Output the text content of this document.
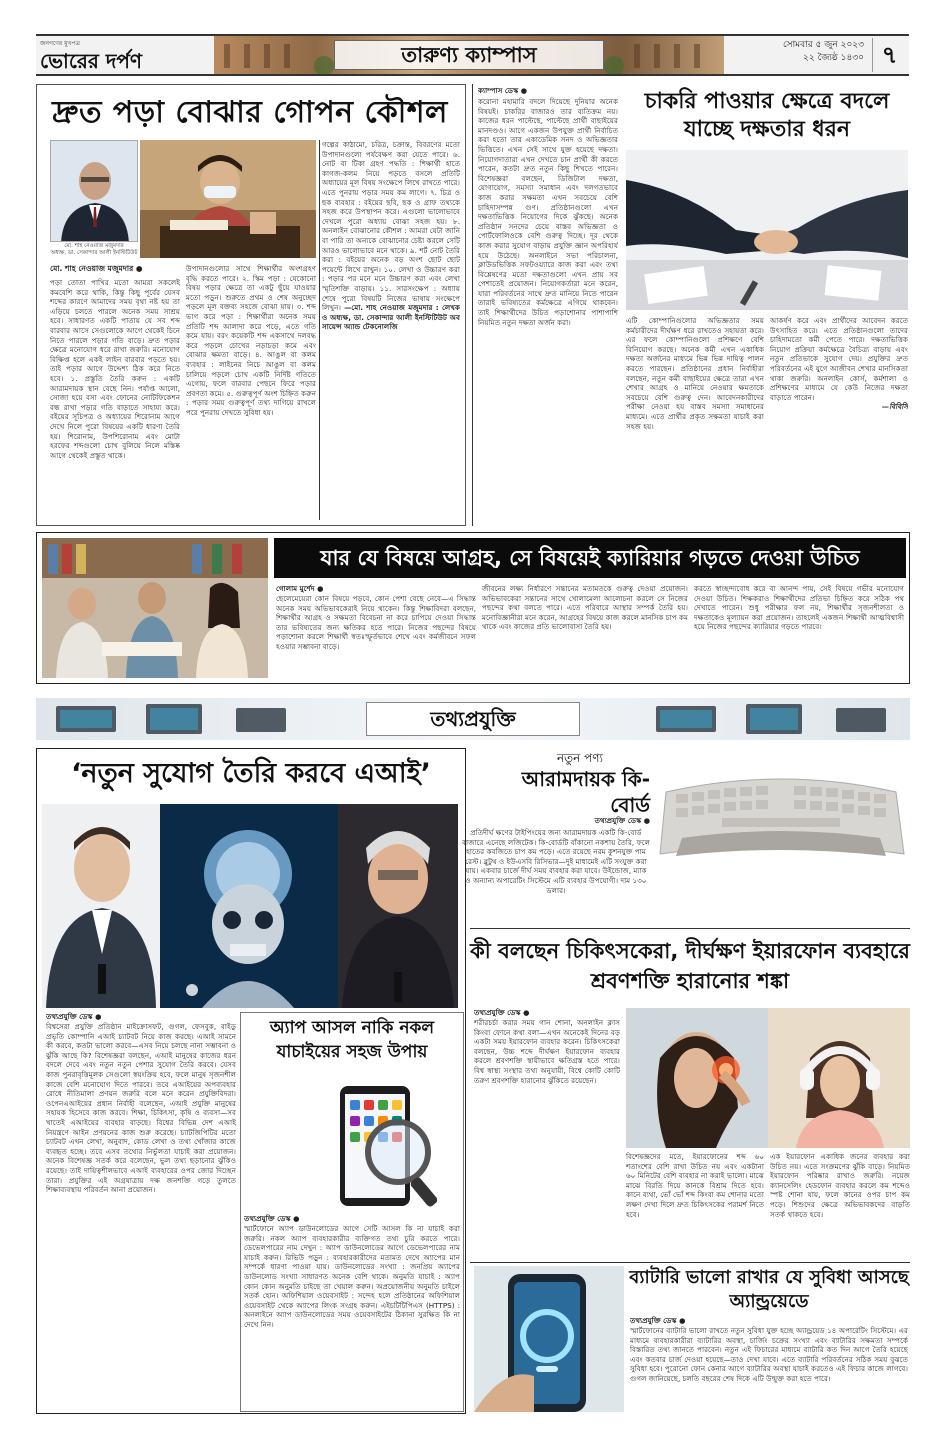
জনগণের মুখপত্র
ভোরের দর্পণ	তারুণ্য ক্যাম্পাস	সোমবার ৫ জুন ২০২৩
২২ জ্যৈষ্ঠ ১৪৩০ ৭
দ্রুত পড়া বোঝার গোপন কৌশল
মো. শাহ নেওয়াজ মজুমদার
অধ্যক্ষ, ডা. সেকান্দার আলী ইনস্টিটিউট
মো. শাহ নেওয়াজ মজুমদার ●
পড়া তোতা পাখির মতো আমরা সকলেই কমবেশি করে থাকি, কিন্তু কিছু পূর্বের যেসব শব্দের কারণে আমাদের সময় বৃথা নষ্ট হয় তা এড়িয়ে চলতে পারলে অনেক সময় সাশ্রয় হবে। সাধারণত একটি পাতায় যে সব শব্দ বারবার আসে সেগুলোকে আগে থেকেই চিনে নিতে পারলে পড়ার গতি বাড়ে। দ্রুত পড়ার ক্ষেত্রে মনোযোগ ধরে রাখা জরুরি। মনোযোগ বিক্ষিপ্ত হলে একই লাইন বারবার পড়তে হয়। তাই পড়ার আগে উদ্দেশ্য ঠিক করে নিতে হবে। ১. প্রস্তুতি তৈরি করুন : একটি আরামদায়ক স্থান বেছে নিন। পর্যাপ্ত আলো, সোজা হয়ে বসা এবং ফোনের নোটিফিকেশন বন্ধ রাখা পড়ার গতি বাড়াতে সাহায্য করে। বইয়ের সূচিপত্র ও অধ্যায়ের শিরোনাম আগে দেখে নিলে পুরো বিষয়ের একটি ধারণা তৈরি হয়। শিরোনাম, উপশিরোনাম এবং মোটা হরফের শব্দগুলো চোখ বুলিয়ে নিলে মস্তিষ্ক আগে থেকেই প্রস্তুত থাকে।
উপাদানগুলোর সাথে শিক্ষার্থীর অংশগ্রহণ বৃদ্ধি করতে পারে। ২. স্কিম পড়া : যেকোনো বিষয় পড়ার ক্ষেত্রে তা একটু ছুঁয়ে যাওয়ার মতো পড়ুন। শুরুতে প্রথম ও শেষ অনুচ্ছেদ পড়লে মূল বক্তব্য সহজে বোঝা যায়। ৩. শব্দ ভাগ করে পড়া : শিক্ষার্থীরা অনেক সময় প্রতিটি শব্দ আলাদা করে পড়ে, এতে গতি কমে যায়। বরং কয়েকটি শব্দ একসাথে দলবদ্ধ করে পড়লে চোখের নড়াচড়া কমে এবং বোঝার ক্ষমতা বাড়ে। ৪. আঙুল বা কলম ব্যবহার : লাইনের নিচে আঙুল বা কলম চালিয়ে পড়লে চোখ একটি নির্দিষ্ট গতিতে এগোয়, ফলে বারবার পেছনে ফিরে পড়ার প্রবণতা কমে। ৫. গুরুত্বপূর্ণ অংশ চিহ্নিত করুন : পড়ার সময় গুরুত্বপূর্ণ তথ্য দাগিয়ে রাখলে পরে পুনরায় দেখতে সুবিধা হয়।
গল্পের কাঠামো, চরিত্র, চক্রান্ত, বিবরণের মতো উপাদানগুলো পর্যবেক্ষণ করা যেতে পারে। ৬. নোট বা টিকা গ্রহণ পদ্ধতি : শিক্ষার্থী হাতে কাগজ-কলম নিয়ে পড়তে বসলে প্রতিটি অধ্যায়ের মূল বিষয় সংক্ষেপে লিখে রাখতে পারে। এতে পুনরায় পড়ার সময় কম লাগে। ৭. চিত্র ও ছক ব্যবহার : বইয়ের ছবি, ছক ও গ্রাফ তথ্যকে সহজ করে উপস্থাপন করে। এগুলো ভালোভাবে দেখলে পুরো অধ্যায় বোঝা সহজ হয়। ৮. অনলাইন বোঝানোর কৌশল : আমরা যেটা জানি বা পারি তা অন্যকে বোঝানোর চেষ্টা করলে সেটি আরও ভালোভাবে মনে থাকে। ৯. শর্ট নোট তৈরি করা : বইয়ের অনেক বড় অংশ ছোট ছোট পয়েন্টে লিখে রাখুন। ১০. লেখা ও উচ্চারণ করা : পড়ার পর মনে মনে উচ্চারণ করা এবং লেখা স্মৃতিশক্তি বাড়ায়। ১১. সারসংক্ষেপ : অধ্যায় শেষে পুরো বিষয়টি নিজের ভাষায় সংক্ষেপে লিখুন। —মো. শাহ নেওয়াজ মজুমদার : লেখক ও অধ্যক্ষ, ডা. সেকান্দার আলী ইনস্টিটিউট অব সায়েন্স অ্যান্ড টেকনোলজি
ক্যাম্পাস ডেস্ক ●
করোনা মহামারি বদলে দিয়েছে দুনিয়ার অনেক বিষয়ই। চাকরির বাজারও তার ব্যতিক্রম নয়। কাজের ধরন পাল্টেছে, পাল্টেছে প্রার্থী বাছাইয়ের মানদণ্ডও। আগে একজন উপযুক্ত প্রার্থী নির্বাচিত করা হতো তার একাডেমিক সনদ ও অভিজ্ঞতার ভিত্তিতে। এখন সেই সাথে যুক্ত হয়েছে দক্ষতা। নিয়োগদাতারা এখন দেখতে চান প্রার্থী কী করতে পারেন, কতটা দ্রুত নতুন কিছু শিখতে পারেন। বিশেষজ্ঞরা বলছেন, ডিজিটাল দক্ষতা, যোগাযোগ, সমস্যা সমাধান এবং দলগতভাবে কাজ করার সক্ষমতা এখন সবচেয়ে বেশি চাহিদাসম্পন্ন গুণ। প্রতিষ্ঠানগুলো এখন দক্ষতাভিত্তিক নিয়োগের দিকে ঝুঁকছে। অনেক প্রতিষ্ঠান সনদের চেয়ে বাস্তব অভিজ্ঞতা ও পোর্টফোলিওকে বেশি গুরুত্ব দিচ্ছে। দূর থেকে কাজ করার সুযোগ বাড়ায় প্রযুক্তি জ্ঞান অপরিহার্য হয়ে উঠেছে। অনলাইনে সভা পরিচালনা, ক্লাউডভিত্তিক সফটওয়্যারে কাজ করা এবং তথ্য বিশ্লেষণের মতো দক্ষতাগুলো এখন প্রায় সব পেশাতেই প্রয়োজন। নিয়োগকর্তারা মনে করেন, যারা পরিবর্তনের সাথে দ্রুত মানিয়ে নিতে পারেন তারাই ভবিষ্যতের কর্মক্ষেত্রে এগিয়ে থাকবেন। তাই শিক্ষার্থীদের উচিত পড়াশোনার পাশাপাশি নিয়মিত নতুন দক্ষতা অর্জন করা।
চাকরি পাওয়ার ক্ষেত্রে বদলে যাচ্ছে দক্ষতার ধরন
এটি কোম্পানিগুলোর অভিজ্ঞতার সময় কর্মচারীদের দীর্ঘক্ষণ ধরে রাখতেও সহায়তা করে। এর ফলে কোম্পানিগুলো প্রশিক্ষণে বেশি বিনিয়োগ করছে। অনেক কর্মী এখন একাধিক দক্ষতা অর্জনের মাধ্যমে ভিন্ন ভিন্ন দায়িত্ব পালন করতে পারছেন। প্রতিষ্ঠানের প্রধান নির্বাহীরা বলছেন, নতুন কর্মী বাছাইয়ের ক্ষেত্রে তারা এখন শেখার আগ্রহ ও মানিয়ে নেওয়ার ক্ষমতাকে সবচেয়ে বেশি গুরুত্ব দেন। আবেদনকারীদের পরীক্ষা নেওয়া হয় বাস্তব সমস্যা সমাধানের মাধ্যমে। এতে প্রার্থীর প্রকৃত সক্ষমতা যাচাই করা সহজ হয়।
আকর্ষণ করে এবং প্রার্থীদের আবেদন করতে উৎসাহিত করে। এতে প্রতিষ্ঠানগুলো তাদের চাহিদামতো কর্মী পেতে পারে। দক্ষতাভিত্তিক নিয়োগ প্রক্রিয়া কর্মক্ষেত্রে বৈচিত্র্য বাড়ায় এবং নতুন প্রতিভাকে সুযোগ দেয়। প্রযুক্তির দ্রুত পরিবর্তনের এই যুগে আজীবন শেখার মানসিকতা থাকা জরুরি। অনলাইন কোর্স, কর্মশালা ও প্রশিক্ষণের মাধ্যমে যে কেউ নিজের দক্ষতা বাড়াতে পারেন।
—বিবিসি
যার যে বিষয়ে আগ্রহ, সে বিষয়েই ক্যারিয়ার গড়তে দেওয়া উচিত
গোলাম মুর্শেদ ●
ছেলেমেয়েরা কোন বিষয়ে পড়বে, কোন পেশা বেছে নেবে—এ সিদ্ধান্ত অনেক সময় অভিভাবকেরাই নিয়ে থাকেন। কিন্তু শিক্ষাবিদরা বলছেন, শিক্ষার্থীর আগ্রহ ও সক্ষমতা বিবেচনা না করে চাপিয়ে দেওয়া সিদ্ধান্ত তার ভবিষ্যতের জন্য ক্ষতিকর হতে পারে। নিজের পছন্দের বিষয়ে পড়াশোনা করলে শিক্ষার্থী স্বতঃস্ফূর্তভাবে শেখে এবং কর্মজীবনে সফল হওয়ার সম্ভাবনা বাড়ে।
জীবনের লক্ষ্য নির্ধারণে সন্তানের মতামতকে গুরুত্ব দেওয়া প্রয়োজন। অভিভাবকেরা সন্তানের সাথে খোলামেলা আলোচনা করলে সে নিজের পছন্দের কথা বলতে পারে। এতে পরিবারে আস্থার সম্পর্ক তৈরি হয়। মনোবিজ্ঞানীরা মনে করেন, আগ্রহের বিষয়ে কাজ করলে মানসিক চাপ কম থাকে এবং কাজের প্রতি ভালোবাসা তৈরি হয়।
করতে স্বাচ্ছন্দ্যবোধ করে বা আনন্দ পায়, সেই বিষয়ে গভীর মনোযোগ দেওয়া উচিত। শিক্ষকরাও শিক্ষার্থীদের প্রতিভা চিহ্নিত করে সঠিক পথ দেখাতে পারেন। শুধু পরীক্ষার ফল নয়, শিক্ষার্থীর সৃজনশীলতা ও দক্ষতাকেও মূল্যায়ন করা প্রয়োজন। তাহলেই একজন শিক্ষার্থী আত্মবিশ্বাসী হয়ে নিজের পছন্দের ক্যারিয়ার গড়তে পারবে।
তথ্যপ্রযুক্তি
‘নতুন সুযোগ তৈরি করবে এআই’
তথ্যপ্রযুক্তি ডেস্ক ●
বিশ্বসেরা প্রযুক্তি প্রতিষ্ঠান মাইক্রোসফট, গুগল, ফেসবুক, বাইডু প্রভৃতি কোম্পানি এআই চ্যাটবট নিয়ে কাজ করছে। এআই সামনে কী করবে, কতটা ভালো করবে—এসব নিয়ে চলছে নানা সম্ভাবনা ও ঝুঁকি আছে কি? বিশেষজ্ঞরা বলছেন, এআই মানুষের কাজের ধরন বদলে দেবে এবং নতুন নতুন পেশার সুযোগ তৈরি করবে। যেসব কাজ পুনরাবৃত্তিমূলক সেগুলো স্বয়ংক্রিয় হবে, ফলে মানুষ সৃজনশীল কাজে বেশি মনোযোগ দিতে পারবে। তবে এআইয়ের অপব্যবহার রোধে নীতিমালা প্রণয়ন জরুরি বলে মনে করেন প্রযুক্তিবিদরা। ওপেনএআইয়ের প্রধান নির্বাহী বলেছেন, এআই প্রযুক্তি মানুষের সহায়ক হিসেবে কাজ করবে। শিক্ষা, চিকিৎসা, কৃষি ও ব্যবসা—সব খাতেই এআইয়ের ব্যবহার বাড়ছে। বিশ্বের বিভিন্ন দেশ এআই নিয়ন্ত্রণে আইন প্রণয়নের কাজ শুরু করেছে। চ্যাটজিপিটির মতো চ্যাটবট এখন লেখা, অনুবাদ, কোড লেখা ও তথ্য খোঁজার কাজে ব্যবহৃত হচ্ছে। তবে এসব তথ্যের নির্ভুলতা যাচাই করা প্রয়োজন। অনেক বিশেষজ্ঞ সতর্ক করে বলেছেন, ভুল তথ্য ছড়ানোর ঝুঁকিও রয়েছে। তাই দায়িত্বশীলভাবে এআই ব্যবহারের ওপর জোর দিচ্ছেন তারা। প্রযুক্তির এই অগ্রযাত্রায় দক্ষ জনশক্তি গড়ে তুলতে শিক্ষাব্যবস্থায় পরিবর্তন আনা প্রয়োজন।
অ্যাপ আসল নাকি নকল যাচাইয়ের সহজ উপায়
তথ্যপ্রযুক্তি ডেস্ক ●
স্মার্টফোনে অ্যাপ ডাউনলোডের আগে সেটি আসল কি না যাচাই করা জরুরি। নকল অ্যাপ ব্যবহারকারীর ব্যক্তিগত তথ্য চুরি করতে পারে। ডেভেলপারের নাম দেখুন : অ্যাপ ডাউনলোডের আগে ডেভেলপারের নাম যাচাই করুন। রিভিউ পড়ুন : ব্যবহারকারীদের মতামত দেখে অ্যাপের মান সম্পর্কে ধারণা পাওয়া যায়। ডাউনলোডের সংখ্যা : জনপ্রিয় অ্যাপের ডাউনলোড সংখ্যা সাধারণত অনেক বেশি থাকে। অনুমতি যাচাই : অ্যাপ কোন কোন অনুমতি চাইছে তা খেয়াল করুন। অপ্রয়োজনীয় অনুমতি চাইলে সতর্ক হোন। অফিশিয়াল ওয়েবসাইট : সন্দেহ হলে প্রতিষ্ঠানের অফিশিয়াল ওয়েবসাইট থেকে অ্যাপের লিংক সংগ্রহ করুন। এইচটিটিপিএস (HTTPS) : অনলাইনে অ্যাপ ডাউনলোডের সময় ওয়েবসাইটের ঠিকানা সুরক্ষিত কি না দেখে নিন।
নতুন পণ্য
আরামদায়ক কি-বোর্ড
তথ্যপ্রযুক্তি ডেস্ক ●
প্রতিদীর্ঘ ক্ষণের টাইপিংয়ের জন্য আরামদায়ক একটি কি-বোর্ড বাজারে এনেছে লজিটেক। কি-বোর্ডটি বাঁকানো নকশায় তৈরি, ফলে হাতের কবজিতে চাপ কম পড়ে। এতে রয়েছে নরম কুশনযুক্ত পাম রেস্ট। ব্লুটুথ ও ইউএসবি রিসিভার—দুই মাধ্যমেই এটি সংযুক্ত করা যায়। একবার চার্জে দীর্ঘ সময় ব্যবহার করা যাবে। উইন্ডোজ, ম্যাক ও অন্যান্য অপারেটিং সিস্টেমে এটি ব্যবহার উপযোগী। দাম ১৩০ ডলার।
কী বলছেন চিকিৎসকেরা, দীর্ঘক্ষণ ইয়ারফোন ব্যবহারে শ্রবণশক্তি হারানোর শঙ্কা
তথ্যপ্রযুক্তি ডেস্ক ●
শরীরচর্চা করার সময় গান শোনা, অনলাইন ক্লাস কিংবা ফোনে কথা বলা—এখন অনেকেই দিনের বড় একটা সময় ইয়ারফোন ব্যবহার করেন। চিকিৎসকেরা বলছেন, উচ্চ শব্দে দীর্ঘক্ষণ ইয়ারফোন ব্যবহার করলে শ্রবণশক্তি স্থায়ীভাবে ক্ষতিগ্রস্ত হতে পারে। বিশ্ব স্বাস্থ্য সংস্থার তথ্য অনুযায়ী, বিশ্বে কোটি কোটি তরুণ শ্রবণশক্তি হারানোর ঝুঁকিতে রয়েছেন।
বিশেষজ্ঞদের মতে, ইয়ারফোনের শব্দ ৬০ শতাংশের বেশি রাখা উচিত নয় এবং একটানা ৬০ মিনিটের বেশি ব্যবহার না করাই ভালো। মাঝে মাঝে বিরতি দিয়ে কানকে বিশ্রাম দিতে হবে। কানে ব্যথা, ভোঁ ভোঁ শব্দ কিংবা কম শোনার মতো লক্ষণ দেখা দিলে দ্রুত চিকিৎসকের পরামর্শ নিতে হবে।
এক ইয়ারফোন একাধিক জনের ব্যবহার করা উচিত নয়। এতে সংক্রমণের ঝুঁকি বাড়ে। নিয়মিত ইয়ারফোন পরিষ্কার রাখাও জরুরি। নয়েজ ক্যানসেলিং হেডফোন ব্যবহার করলে কম শব্দেও স্পষ্ট শোনা যায়, ফলে কানের ওপর চাপ কম পড়ে। শিশুদের ক্ষেত্রে অভিভাবকদের বাড়তি সতর্ক থাকতে হবে।
ব্যাটারি ভালো রাখার যে সুবিধা আসছে অ্যান্ড্রয়েডে
তথ্যপ্রযুক্তি ডেস্ক ●
স্মার্টফোনের ব্যাটারি ভালো রাখতে নতুন সুবিধা যুক্ত হচ্ছে অ্যান্ড্রয়েড ১৪ অপারেটিং সিস্টেমে। এর মাধ্যমে ব্যবহারকারীরা ব্যাটারির অবস্থা, চার্জিং চক্রের সংখ্যা এবং ব্যাটারির সক্ষমতা সম্পর্কে বিস্তারিত তথ্য জানতে পারবেন। নতুন এই ফিচারের মাধ্যমে ব্যাটারি কত দিন আগে তৈরি হয়েছে এবং কতবার চার্জ দেওয়া হয়েছে—তাও দেখা যাবে। এতে ব্যাটারি পরিবর্তনের সঠিক সময় বুঝতে সুবিধা হবে। পুরোনো ফোন কেনার আগে ব্যাটারির অবস্থা যাচাই করতেও এই ফিচার কাজে লাগবে। গুগল জানিয়েছে, চলতি বছরের শেষ দিকে এটি উন্মুক্ত করা হতে পারে।
